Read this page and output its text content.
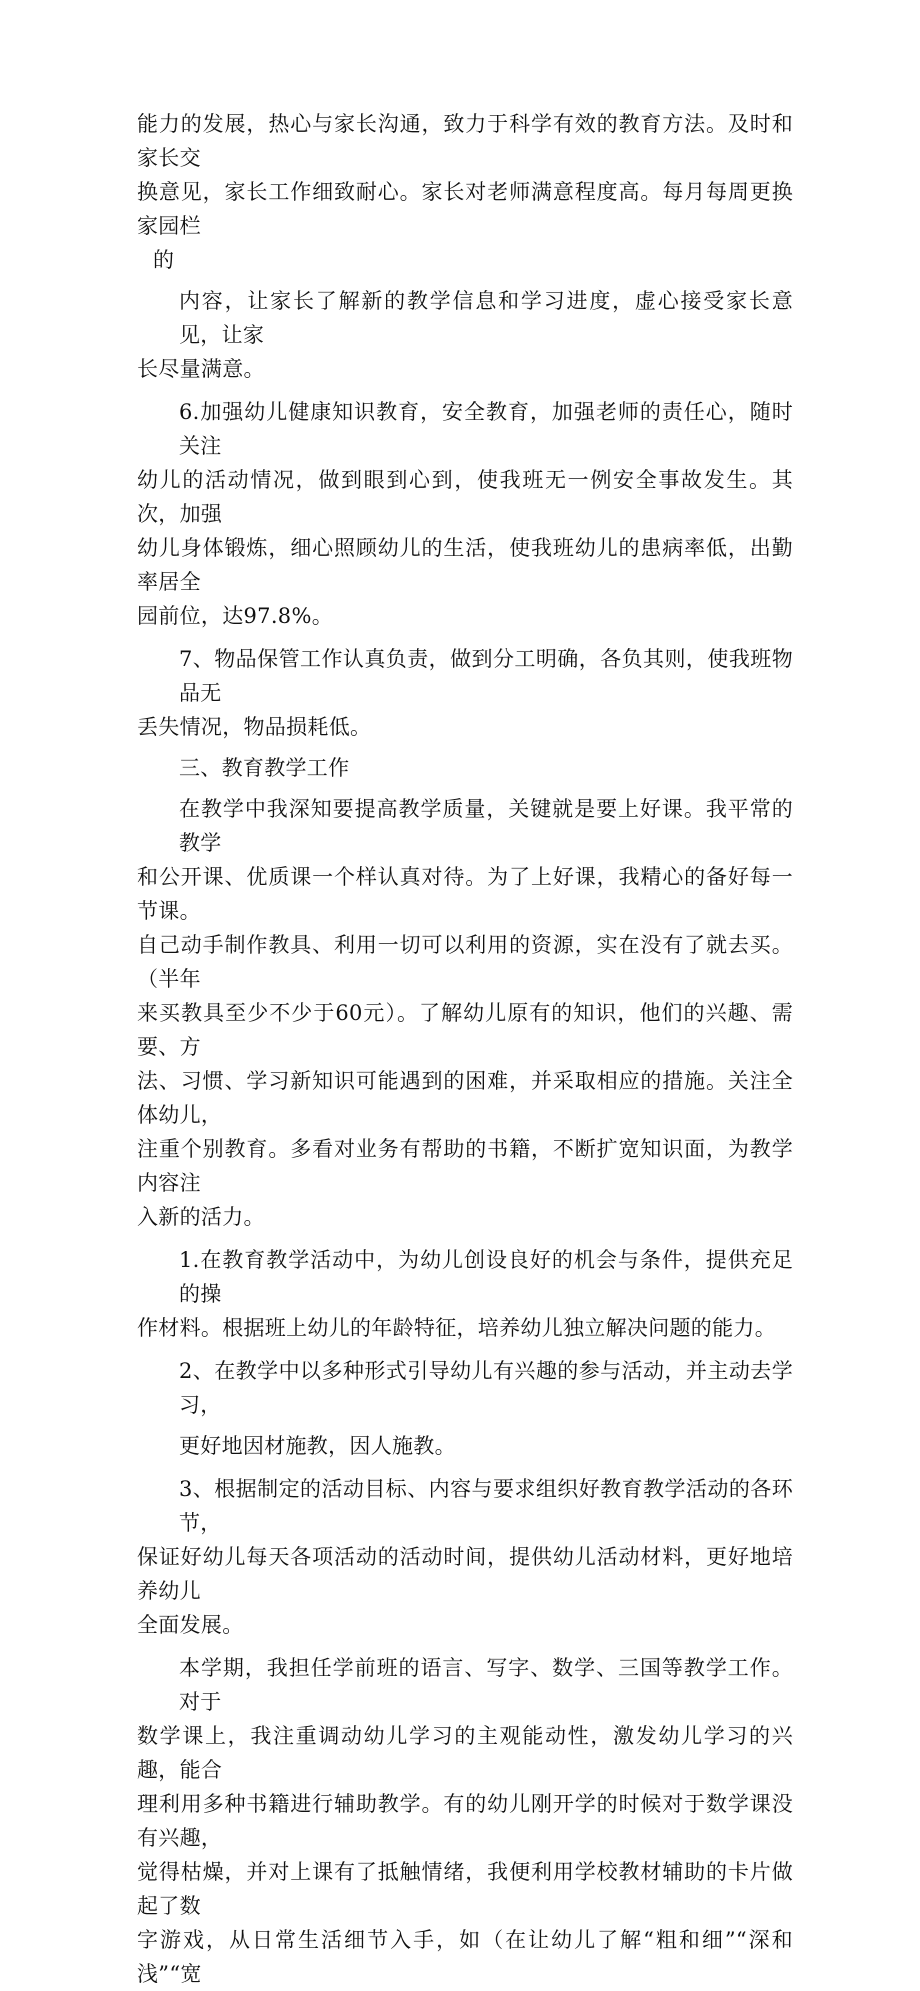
能力的发展，热心与家长沟通，致力于科学有效的教育方法。及时和家长交
换意见，家长工作细致耐心。家长对老师满意程度高。每月每周更换家园栏
的

内容，让家长了解新的教学信息和学习进度，虚心接受家长意见，让家
长尽量满意。

6.加强幼儿健康知识教育，安全教育，加强老师的责任心，随时关注
幼儿的活动情况，做到眼到心到，使我班无一例安全事故发生。其次，加强
幼儿身体锻炼，细心照顾幼儿的生活，使我班幼儿的患病率低，出勤率居全
园前位，达97.8%。

7、物品保管工作认真负责，做到分工明确，各负其则，使我班物品无
丢失情况，物品损耗低。

三、教育教学工作

在教学中我深知要提高教学质量，关键就是要上好课。我平常的教学
和公开课、优质课一个样认真对待。为了上好课，我精心的备好每一节课。
自己动手制作教具、利用一切可以利用的资源，实在没有了就去买。（半年
来买教具至少不少于60元）。了解幼儿原有的知识，他们的兴趣、需要、方
法、习惯、学习新知识可能遇到的困难，并采取相应的措施。关注全体幼儿，
注重个别教育。多看对业务有帮助的书籍，不断扩宽知识面，为教学内容注
入新的活力。

1.在教育教学活动中，为幼儿创设良好的机会与条件，提供充足的操
作材料。根据班上幼儿的年龄特征，培养幼儿独立解决问题的能力。

2、在教学中以多种形式引导幼儿有兴趣的参与活动，并主动去学习，

更好地因材施教，因人施教。

3、根据制定的活动目标、内容与要求组织好教育教学活动的各环节，
保证好幼儿每天各项活动的活动时间，提供幼儿活动材料，更好地培养幼儿
全面发展。

本学期，我担任学前班的语言、写字、数学、三国等教学工作。对于
数学课上，我注重调动幼儿学习的主观能动性，激发幼儿学习的兴趣，能合
理利用多种书籍进行辅助教学。有的幼儿刚开学的时候对于数学课没有兴趣，
觉得枯燥，并对上课有了抵触情绪，我便利用学校教材辅助的卡片做起了数
字游戏，从日常生活细节入手，如（在让幼儿了解“粗和细”“深和浅”“宽
